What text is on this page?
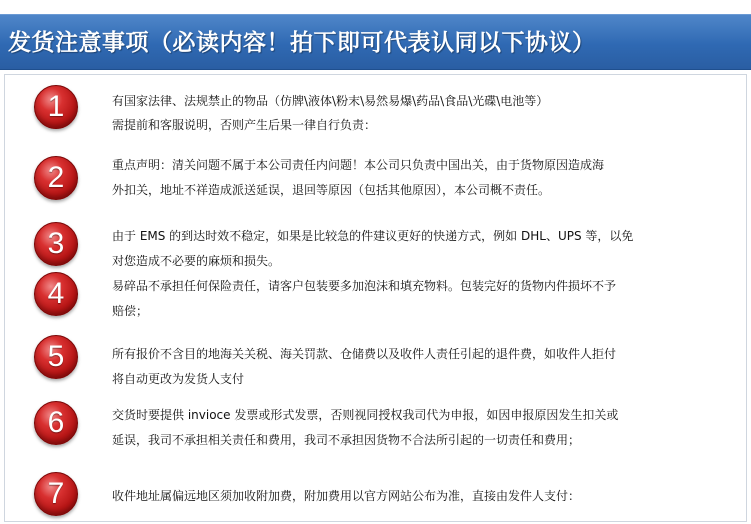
发货注意事项（必读内容！拍下即可代表认同以下协议）
1	有国家法律、法规禁止的物品（仿牌\液体\粉末\易然易爆\药品\食品\光碟\电池等）
需提前和客服说明，否则产生后果一律自行负责：
2	重点声明：清关问题不属于本公司责任内问题！本公司只负责中国出关，由于货物原因造成海
外扣关，地址不祥造成派送延误，退回等原因（包括其他原因），本公司概不责任。
3	由于 EMS 的到达时效不稳定，如果是比较急的件建议更好的快递方式，例如 DHL、UPS 等，以免
对您造成不必要的麻烦和损失。
4	易碎品不承担任何保险责任，请客户包装要多加泡沫和填充物料。包装完好的货物内件损坏不予
赔偿；
5	所有报价不含目的地海关关税、海关罚款、仓储费以及收件人责任引起的退件费，如收件人拒付
将自动更改为发货人支付
6	交货时要提供 invioce 发票或形式发票，否则视同授权我司代为申报，如因申报原因发生扣关或
延误，我司不承担相关责任和费用，我司不承担因货物不合法所引起的一切责任和费用；
7	收件地址属偏远地区须加收附加费，附加费用以官方网站公布为准，直接由发件人支付：
